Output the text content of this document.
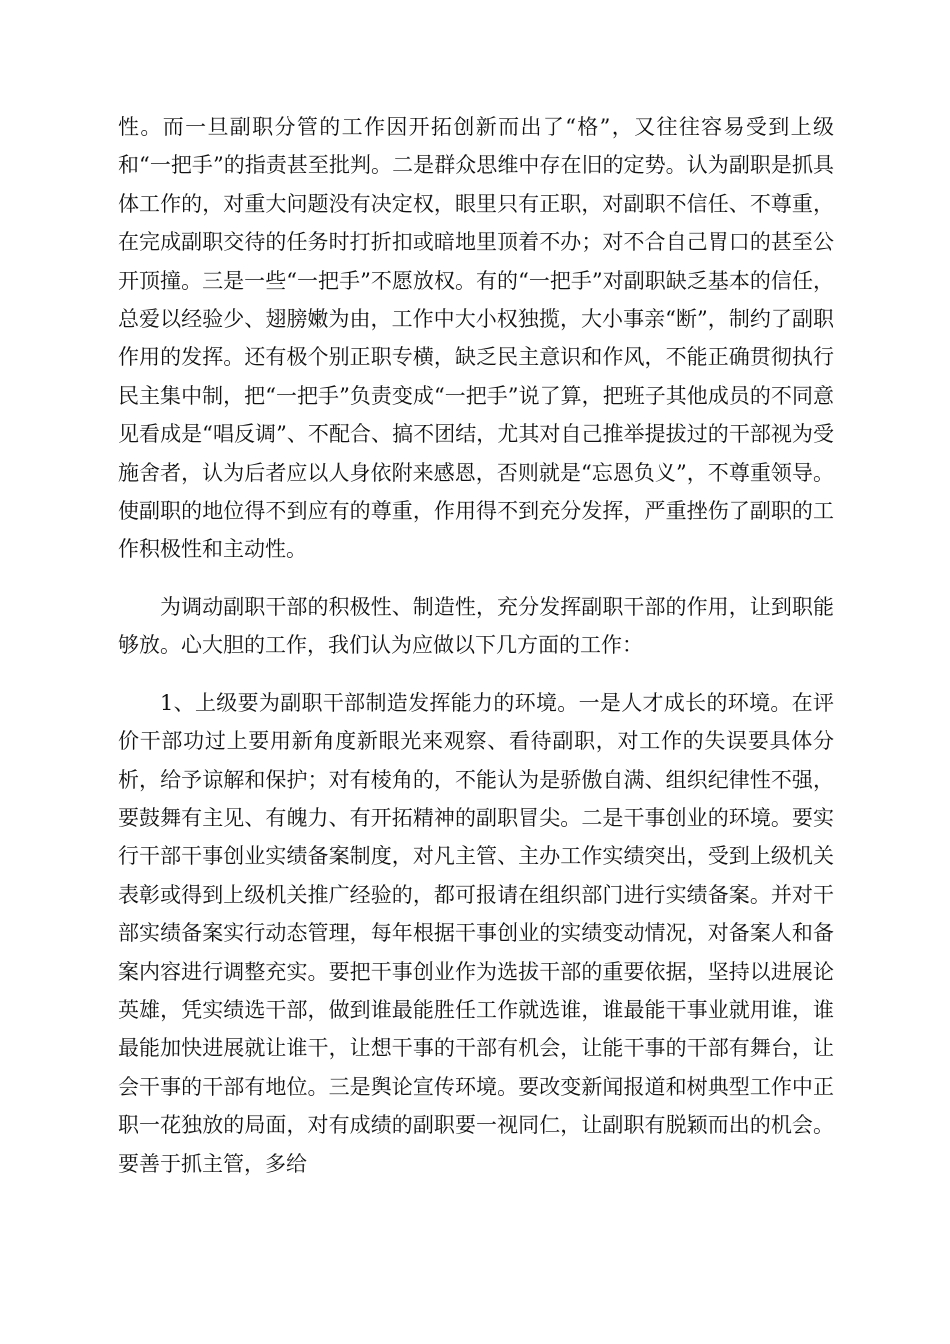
性。而一旦副职分管的工作因开拓创新而出了“格”，又往往容易受到上级和“一把手”的指责甚至批判。二是群众思维中存在旧的定势。认为副职是抓具体工作的，对重大问题没有决定权，眼里只有正职，对副职不信任、不尊重，在完成副职交待的任务时打折扣或暗地里顶着不办；对不合自己胃口的甚至公开顶撞。三是一些“一把手”不愿放权。有的“一把手”对副职缺乏基本的信任，总爱以经验少、翅膀嫩为由，工作中大小权独揽，大小事亲“断”，制约了副职作用的发挥。还有极个别正职专横，缺乏民主意识和作风，不能正确贯彻执行民主集中制，把“一把手”负责变成“一把手”说了算，把班子其他成员的不同意见看成是“唱反调”、不配合、搞不团结，尤其对自己推举提拔过的干部视为受施舍者，认为后者应以人身依附来感恩，否则就是“忘恩负义”，不尊重领导。使副职的地位得不到应有的尊重，作用得不到充分发挥，严重挫伤了副职的工作积极性和主动性。

为调动副职干部的积极性、制造性，充分发挥副职干部的作用，让到职能够放。心大胆的工作，我们认为应做以下几方面的工作：

1、上级要为副职干部制造发挥能力的环境。一是人才成长的环境。在评价干部功过上要用新角度新眼光来观察、看待副职，对工作的失误要具体分析，给予谅解和保护；对有棱角的，不能认为是骄傲自满、组织纪律性不强，要鼓舞有主见、有魄力、有开拓精神的副职冒尖。二是干事创业的环境。要实行干部干事创业实绩备案制度，对凡主管、主办工作实绩突出，受到上级机关表彰或得到上级机关推广经验的，都可报请在组织部门进行实绩备案。并对干部实绩备案实行动态管理，每年根据干事创业的实绩变动情况，对备案人和备案内容进行调整充实。要把干事创业作为选拔干部的重要依据，坚持以进展论英雄，凭实绩选干部，做到谁最能胜任工作就选谁，谁最能干事业就用谁，谁最能加快进展就让谁干，让想干事的干部有机会，让能干事的干部有舞台，让会干事的干部有地位。三是舆论宣传环境。要改变新闻报道和树典型工作中正职一花独放的局面，对有成绩的副职要一视同仁，让副职有脱颖而出的机会。要善于抓主管，多给
